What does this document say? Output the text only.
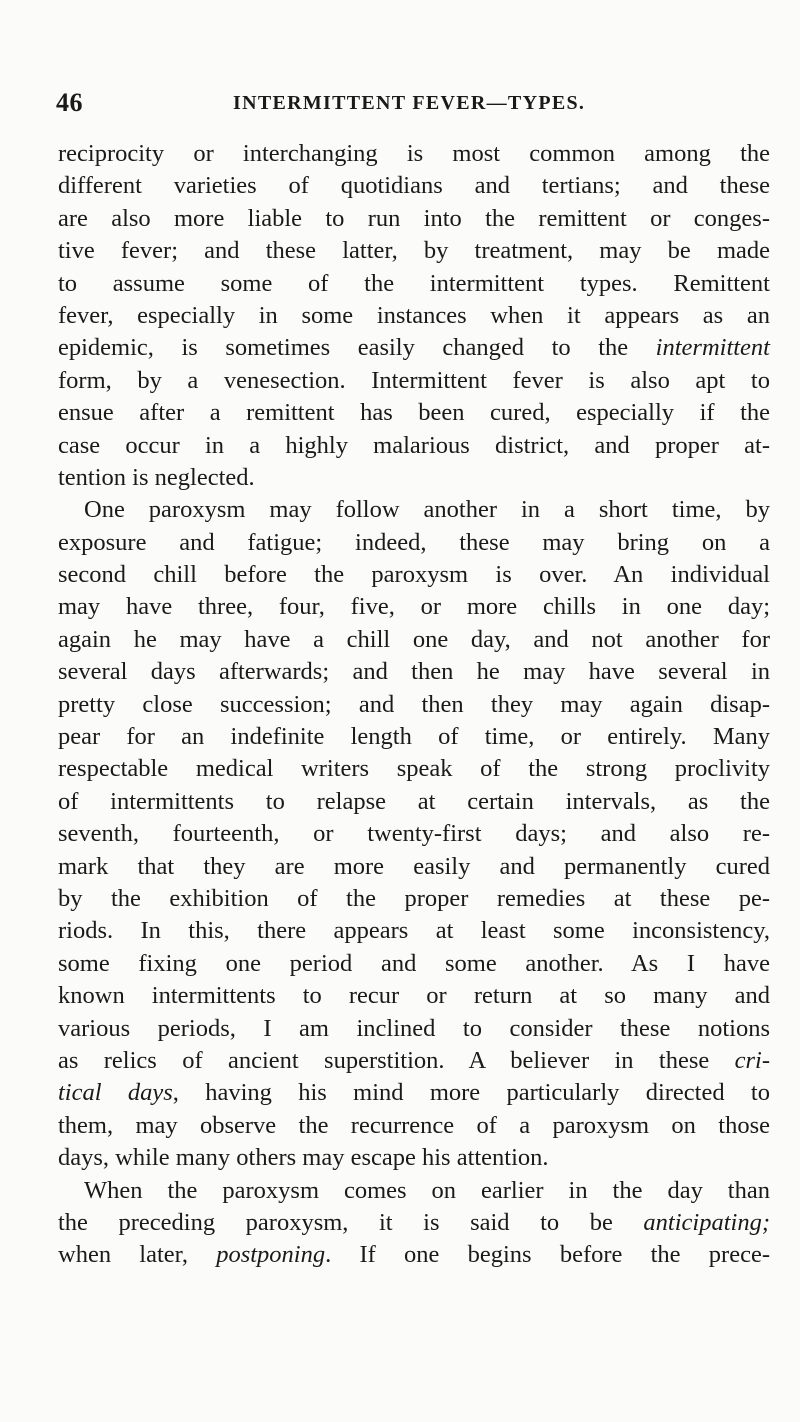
46	INTERMITTENT FEVER—TYPES.
reciprocity or interchanging is most common among the
different varieties of quotidians and tertians; and these
are also more liable to run into the remittent or conges-
tive fever; and these latter, by treatment, may be made
to assume some of the intermittent types. Remittent
fever, especially in some instances when it appears as an
epidemic, is sometimes easily changed to the intermittent
form, by a venesection. Intermittent fever is also apt to
ensue after a remittent has been cured, especially if the
case occur in a highly malarious district, and proper at-
tention is neglected.
One paroxysm may follow another in a short time, by
exposure and fatigue; indeed, these may bring on a
second chill before the paroxysm is over. An individual
may have three, four, five, or more chills in one day;
again he may have a chill one day, and not another for
several days afterwards; and then he may have several in
pretty close succession; and then they may again disap-
pear for an indefinite length of time, or entirely. Many
respectable medical writers speak of the strong proclivity
of intermittents to relapse at certain intervals, as the
seventh, fourteenth, or twenty-first days; and also re-
mark that they are more easily and permanently cured
by the exhibition of the proper remedies at these pe-
riods. In this, there appears at least some inconsistency,
some fixing one period and some another. As I have
known intermittents to recur or return at so many and
various periods, I am inclined to consider these notions
as relics of ancient superstition. A believer in these cri-
tical days, having his mind more particularly directed to
them, may observe the recurrence of a paroxysm on those
days, while many others may escape his attention.
When the paroxysm comes on earlier in the day than
the preceding paroxysm, it is said to be anticipating;
when later, postponing. If one begins before the prece-
